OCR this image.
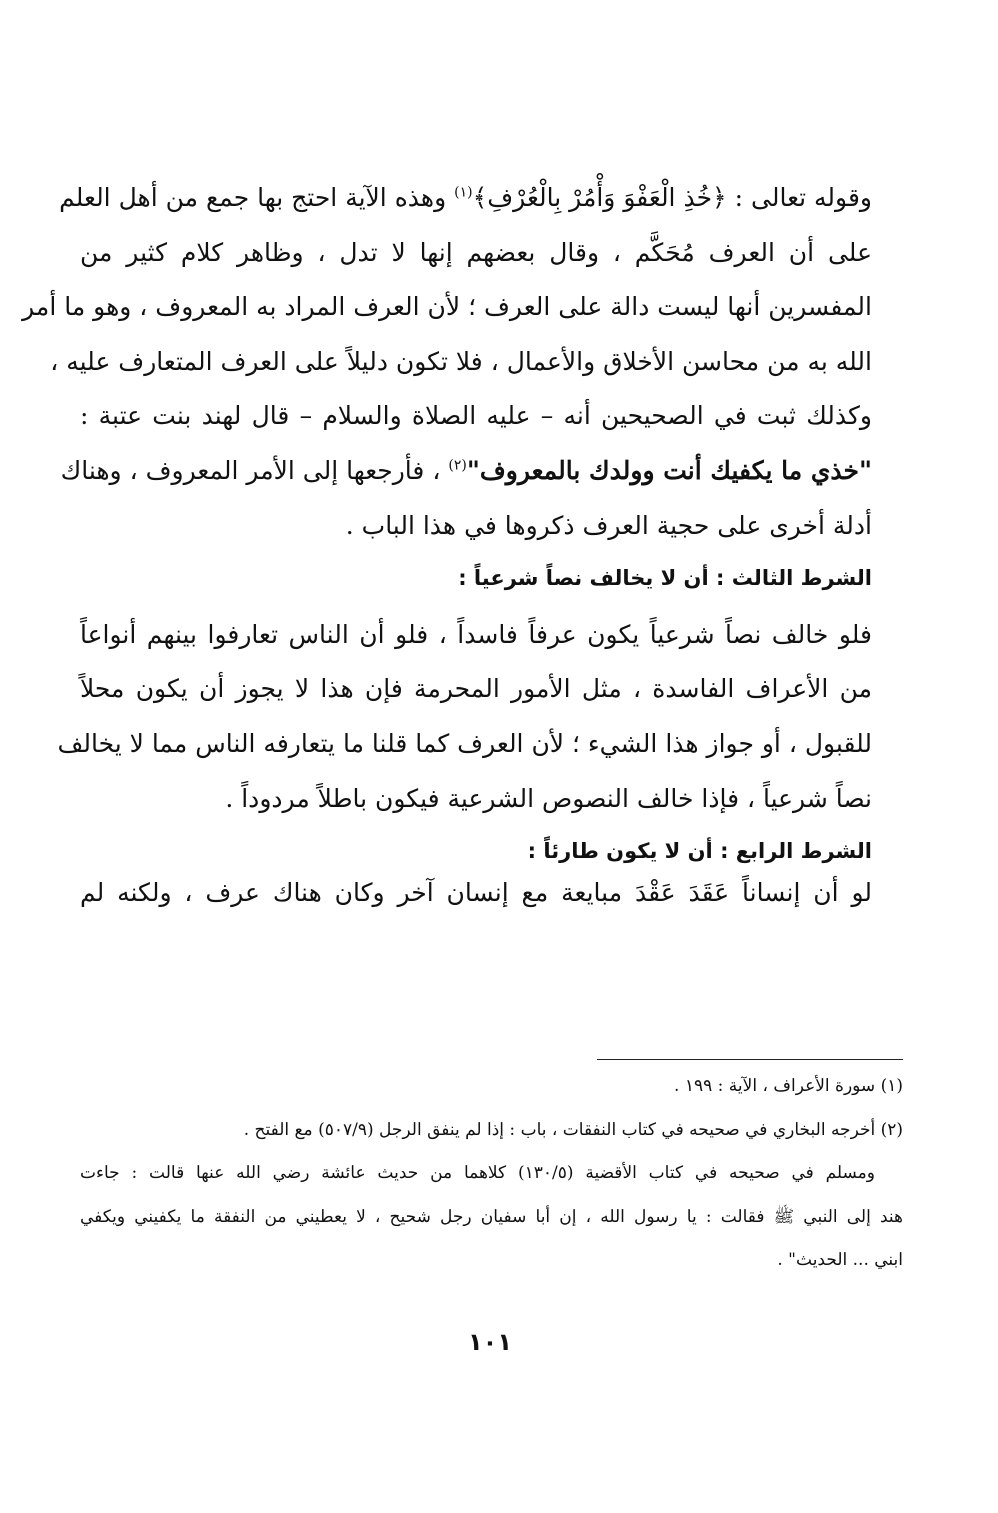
وقوله تعالى : ﴿خُذِ الْعَفْوَ وَأْمُرْ بِالْعُرْفِ﴾$^{(١)}$ وهذه الآية احتج بها جمع من أهل العلم
على أن العرف مُحَكَّم ، وقال بعضهم إنها لا تدل ، وظاهر كلام كثير من
المفسرين أنها ليست دالة على العرف ؛ لأن العرف المراد به المعروف ، وهو ما أمر
الله به من محاسن الأخلاق والأعمال ، فلا تكون دليلاً على العرف المتعارف عليه ،
وكذلك ثبت في الصحيحين أنه – عليه الصلاة والسلام – قال لهند بنت عتبة :
"خذي ما يكفيك أنت وولدك بالمعروف"$^{(٢)}$ ، فأرجعها إلى الأمر المعروف ، وهناك
أدلة أخرى على حجية العرف ذكروها في هذا الباب .
الشرط الثالث : أن لا يخالف نصاً شرعياً :
فلو خالف نصاً شرعياً يكون عرفاً فاسداً ، فلو أن الناس تعارفوا بينهم أنواعاً
من الأعراف الفاسدة ، مثل الأمور المحرمة فإن هذا لا يجوز أن يكون محلاً
للقبول ، أو جواز هذا الشيء ؛ لأن العرف كما قلنا ما يتعارفه الناس مما لا يخالف
نصاً شرعياً ، فإذا خالف النصوص الشرعية فيكون باطلاً مردوداً .
الشرط الرابع : أن لا يكون طارئاً :
لو أن إنساناً عَقَدَ عَقْدَ مبايعة مع إنسان آخر وكان هناك عرف ، ولكنه لم
(١) سورة الأعراف ، الآية : ١٩٩ .
(٢) أخرجه البخاري في صحيحه في كتاب النفقات ، باب : إذا لم ينفق الرجل (٥٠٧/٩) مع الفتح .
ومسلم في صحيحه في كتاب الأقضية (١٣٠/٥) كلاهما من حديث عائشة رضي الله عنها قالت : جاءت
هند إلى النبي ﷺ فقالت : يا رسول الله ، إن أبا سفيان رجل شحيح ، لا يعطيني من النفقة ما يكفيني ويكفي
ابني ... الحديث" .
١٠١
